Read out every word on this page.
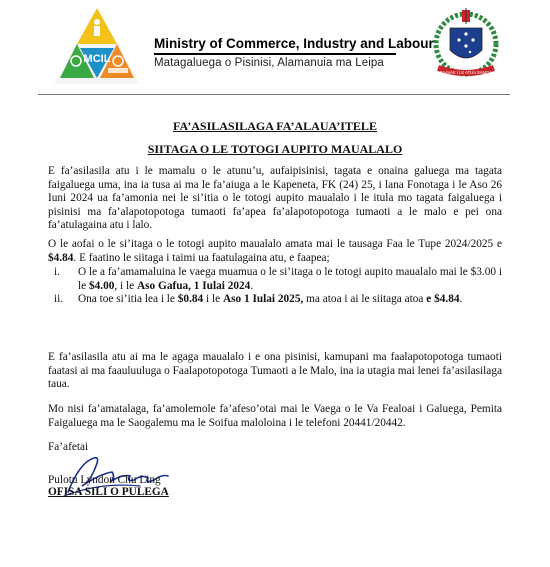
MCIL
Ministry of Commerce, Industry and Labour
Matagaluega o Pisinisi, Alamanuia ma Leipa
FAAVAE I LE ATUA SAMOA
FA’ASILASILAGA FA’ALAUA’ITELE
SIITAGA O LE TOTOGI AUPITO MAUALALO
E fa’asilasila atu i le mamalu o le atunu’u, aufaipisinisi, tagata e onaina galuega ma tagata faigaluega uma, ina ia tusa ai ma le fa’aiuga a le Kapeneta, FK (24) 25, i lana Fonotaga i le Aso 26 Iuni 2024 ua fa’amonia nei le si’itia o le totogi aupito maualalo i le itula mo tagata faigaluega i pisinisi ma fa’alapotopotoga tumaoti fa’apea fa’alapotopotoga tumaoti a le malo e pei ona fa’atulagaina atu i lalo.
O le aofai o le si’itaga o le totogi aupito maualalo amata mai le tausaga Faa le Tupe 2024/2025 e $4.84. E faatino le siitaga i taimi ua faatulagaina atu, e faapea;
i. O le a fa’amamaluina le vaega muamua o le si’itaga o le totogi aupito maualalo mai le $3.00 i le $4.00, i le Aso Gafua, 1 Iulai 2024.
ii. Ona toe si’itia lea i le $0.84 i le Aso 1 Iulai 2025, ma atoa i ai le siitaga atoa e $4.84.
E fa’asilasila atu ai ma le agaga maualalo i e ona pisinisi, kamupani ma faalapotopotoga tumaoti faatasi ai ma faauluuluga o Faalapotopotoga Tumaoti a le Malo, ina ia utagia mai lenei fa’asilasilaga taua.
Mo nisi fa’amatalaga, fa’amolemole fa’afeso’otai mai le Vaega o le Va Fealoai i Galuega, Pemita Faigaluega ma le Saogalemu ma le Soifua maloloina i le telefoni 20441/20442.
Fa’afetai
Pulotu Lyndon Chu Ling
OFISA SILI O PULEGA
